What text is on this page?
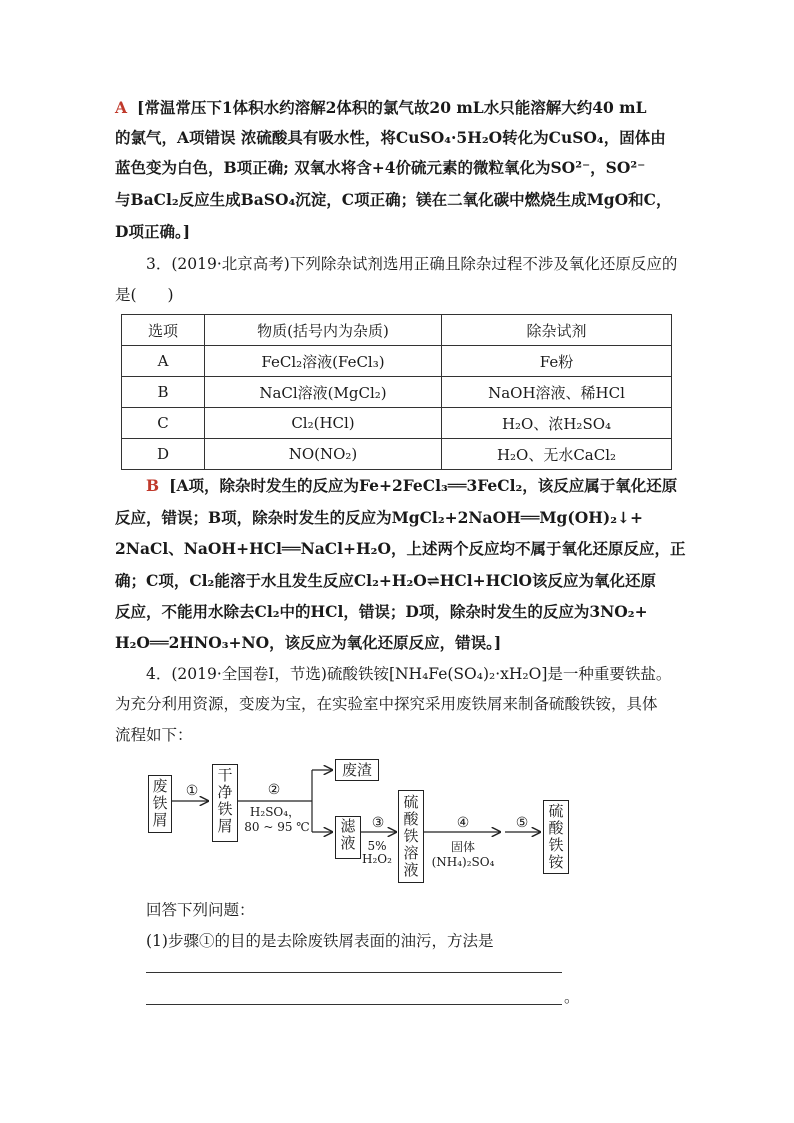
A [常温常压下1体积水约溶解2体积的氯气故20 mL水只能溶解大约40 mL
的氯气，A项错误 浓硫酸具有吸水性，将CuSO₄·5H₂O转化为CuSO₄，固体由
蓝色变为白色，B项正确; 双氧水将含+4价硫元素的微粒氧化为SO²⁻，SO²⁻
与BaCl₂反应生成BaSO₄沉淀，C项正确；镁在二氧化碳中燃烧生成MgO和C，
D项正确。]
3．(2019·北京高考)下列除杂试剂选用正确且除杂过程不涉及氧化还原反应的
是(　　)
选项	物质(括号内为杂质)	除杂试剂
A	FeCl₂溶液(FeCl₃)	Fe粉
B	NaCl溶液(MgCl₂)	NaOH溶液、稀HCl
C	Cl₂(HCl)	H₂O、浓H₂SO₄
D	NO(NO₂)	H₂O、无水CaCl₂
B [A项，除杂时发生的反应为Fe+2FeCl₃══3FeCl₂，该反应属于氧化还原
反应，错误；B项，除杂时发生的反应为MgCl₂+2NaOH══Mg(OH)₂↓+
2NaCl、NaOH+HCl══NaCl+H₂O，上述两个反应均不属于氧化还原反应，正
确；C项，Cl₂能溶于水且发生反应Cl₂+H₂O⇌HCl+HClO该反应为氧化还原
反应，不能用水除去Cl₂中的HCl，错误；D项，除杂时发生的反应为3NO₂+
H₂O══2HNO₃+NO，该反应为氧化还原反应，错误。]
4．(2019·全国卷Ⅰ，节选)硫酸铁铵[NH₄Fe(SO₄)₂·xH₂O]是一种重要铁盐。
为充分利用资源，变废为宝，在实验室中探究采用废铁屑来制备硫酸铁铵，具体
流程如下：
废铁屑
干净铁屑
废渣
滤液
硫酸铁溶液
硫酸铁铵
①	②
H₂SO₄，
80 ~ 95 ℃	③
5%
H₂O₂
④
固体
(NH₄)₂SO₄
⑤
回答下列问题：
(1)步骤①的目的是去除废铁屑表面的油污，方法是
。
